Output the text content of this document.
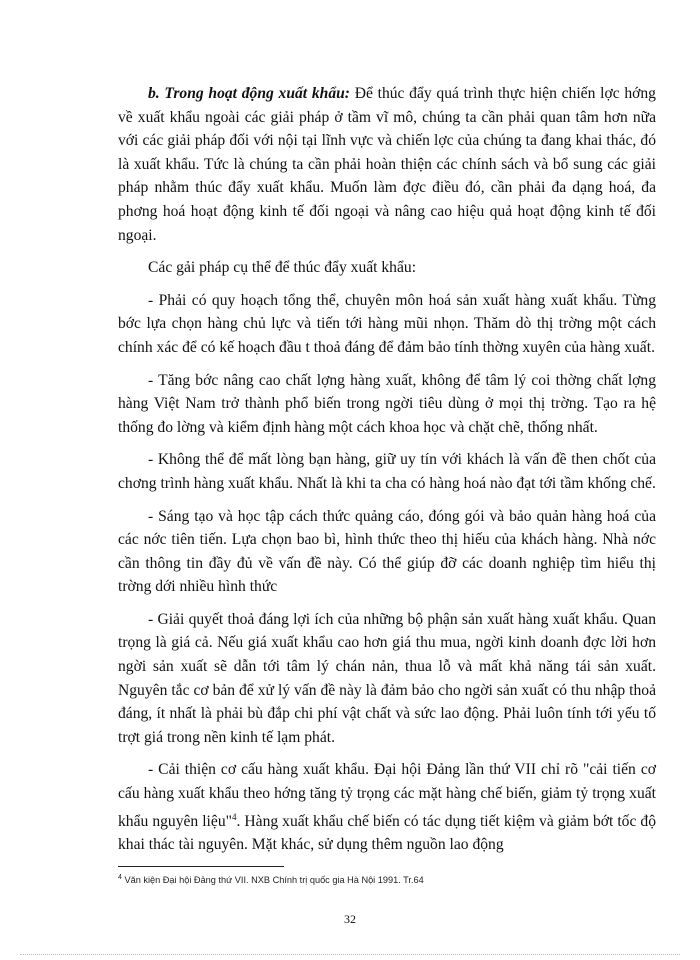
b. Trong hoạt động xuất khẩu: Để thúc đẩy quá trình thực hiện chiến lợc hớng về xuất khẩu ngoài các giải pháp ở tầm vĩ mô, chúng ta cần phải quan tâm hơn nữa với các giải pháp đối với nội tại lĩnh vực và chiến lợc của chúng ta đang khai thác, đó là xuất khẩu. Tức là chúng ta cần phải hoàn thiện các chính sách và bổ sung các giải pháp nhằm thúc đẩy xuất khẩu. Muốn làm đợc điều đó, cần phải đa dạng hoá, đa phơng hoá hoạt động kinh tế đối ngoại và nâng cao hiệu quả hoạt động kinh tế đối ngoại.

Các gải pháp cụ thể để thúc đẩy xuất khẩu:

- Phải có quy hoạch tổng thể, chuyên môn hoá sản xuất hàng xuất khẩu. Từng bớc lựa chọn hàng chủ lực và tiến tới hàng mũi nhọn. Thăm dò thị trờng một cách chính xác để có kế hoạch đầu t thoả đáng để đảm bảo tính thờng xuyên của hàng xuất.

- Tăng bớc nâng cao chất lợng hàng xuất, không để tâm lý coi thờng chất lợng hàng Việt Nam trở thành phổ biến trong ngời tiêu dùng ở mọi thị trờng. Tạo ra hệ thống đo lờng và kiểm định hàng một cách khoa học và chặt chẽ, thống nhất.

- Không thể để mất lòng bạn hàng, giữ uy tín với khách là vấn đề then chốt của chơng trình hàng xuất khẩu. Nhất là khi ta cha có hàng hoá nào đạt tới tầm khống chế.

- Sáng tạo và học tập cách thức quảng cáo, đóng gói và bảo quản hàng hoá của các nớc tiên tiến. Lựa chọn bao bì, hình thức theo thị hiếu của khách hàng. Nhà nớc cần thông tin đầy đủ về vấn đề này. Có thể giúp đỡ các doanh nghiệp tìm hiểu thị trờng dới nhiều hình thức

- Giải quyết thoả đáng lợi ích của những bộ phận sản xuất hàng xuất khẩu. Quan trọng là giá cả. Nếu giá xuất khẩu cao hơn giá thu mua, ngời kinh doanh đợc lời hơn ngời sản xuất sẽ dẫn tới tâm lý chán nản, thua lỗ và mất khả năng tái sản xuất. Nguyên tắc cơ bản để xử lý vấn đề này là đảm bảo cho ngời sản xuất có thu nhập thoả đáng, ít nhất là phải bù đắp chi phí vật chất và sức lao động. Phải luôn tính tới yếu tố trợt giá trong nền kinh tế lạm phát.

- Cải thiện cơ cấu hàng xuất khẩu. Đại hội Đảng lần thứ VII chỉ rõ "cải tiến cơ cấu hàng xuất khẩu theo hớng tăng tỷ trọng các mặt hàng chế biến, giảm tỷ trọng xuất khẩu nguyên liệu"$^4$. Hàng xuất khẩu chế biến có tác dụng tiết kiệm và giảm bớt tốc độ khai thác tài nguyên. Mặt khác, sử dụng thêm nguồn lao động

$^4$ Văn kiện Đại hội Đảng thứ VII. NXB Chính trị quốc gia Hà Nội 1991. Tr.64
32
